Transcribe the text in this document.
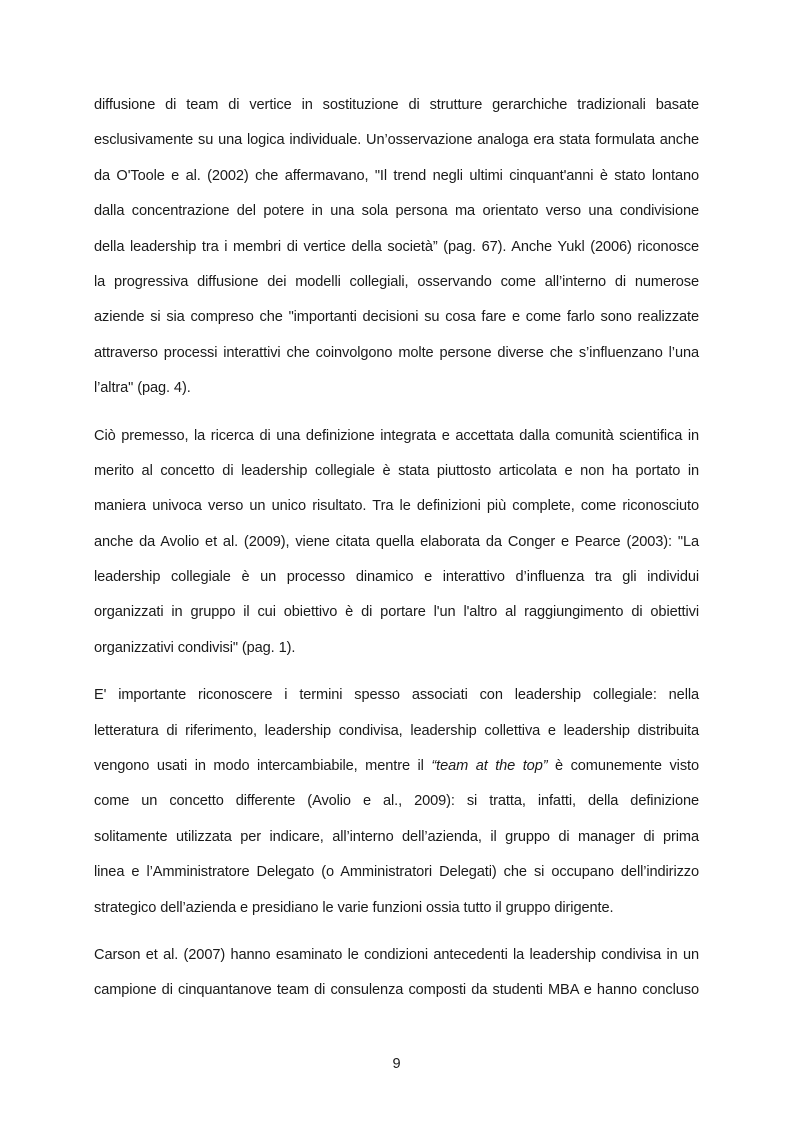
diffusione di team di vertice in sostituzione di strutture gerarchiche tradizionali basate
esclusivamente su una logica individuale. Un’osservazione analoga era stata formulata anche
da O'Toole e al. (2002) che affermavano, "Il trend negli ultimi cinquant'anni è stato lontano
dalla concentrazione del potere in una sola persona ma orientato verso una condivisione
della leadership tra i membri di vertice della società” (pag. 67). Anche Yukl (2006) riconosce
la progressiva diffusione dei modelli collegiali, osservando come all’interno di numerose
aziende si sia compreso che "importanti decisioni su cosa fare e come farlo sono realizzate
attraverso processi interattivi che coinvolgono molte persone diverse che s’influenzano l’una
l’altra" (pag. 4).
Ciò premesso, la ricerca di una definizione integrata e accettata dalla comunità scientifica in
merito al concetto di leadership collegiale è stata piuttosto articolata e non ha portato in
maniera univoca verso un unico risultato. Tra le definizioni più complete, come riconosciuto
anche da Avolio et al. (2009), viene citata quella elaborata da Conger e Pearce (2003): "La
leadership collegiale è un processo dinamico e interattivo d’influenza tra gli individui
organizzati in gruppo il cui obiettivo è di portare l'un l'altro al raggiungimento di obiettivi
organizzativi condivisi" (pag. 1).
E' importante riconoscere i termini spesso associati con leadership collegiale: nella
letteratura di riferimento, leadership condivisa, leadership collettiva e leadership distribuita
vengono usati in modo intercambiabile, mentre il “team at the top” è comunemente visto
come un concetto differente (Avolio e al., 2009): si tratta, infatti, della definizione
solitamente utilizzata per indicare, all’interno dell’azienda, il gruppo di manager di prima
linea e l’Amministratore Delegato (o Amministratori Delegati) che si occupano dell’indirizzo
strategico dell’azienda e presidiano le varie funzioni ossia tutto il gruppo dirigente.
Carson et al. (2007) hanno esaminato le condizioni antecedenti la leadership condivisa in un
campione di cinquantanove team di consulenza composti da studenti MBA e hanno concluso
9
